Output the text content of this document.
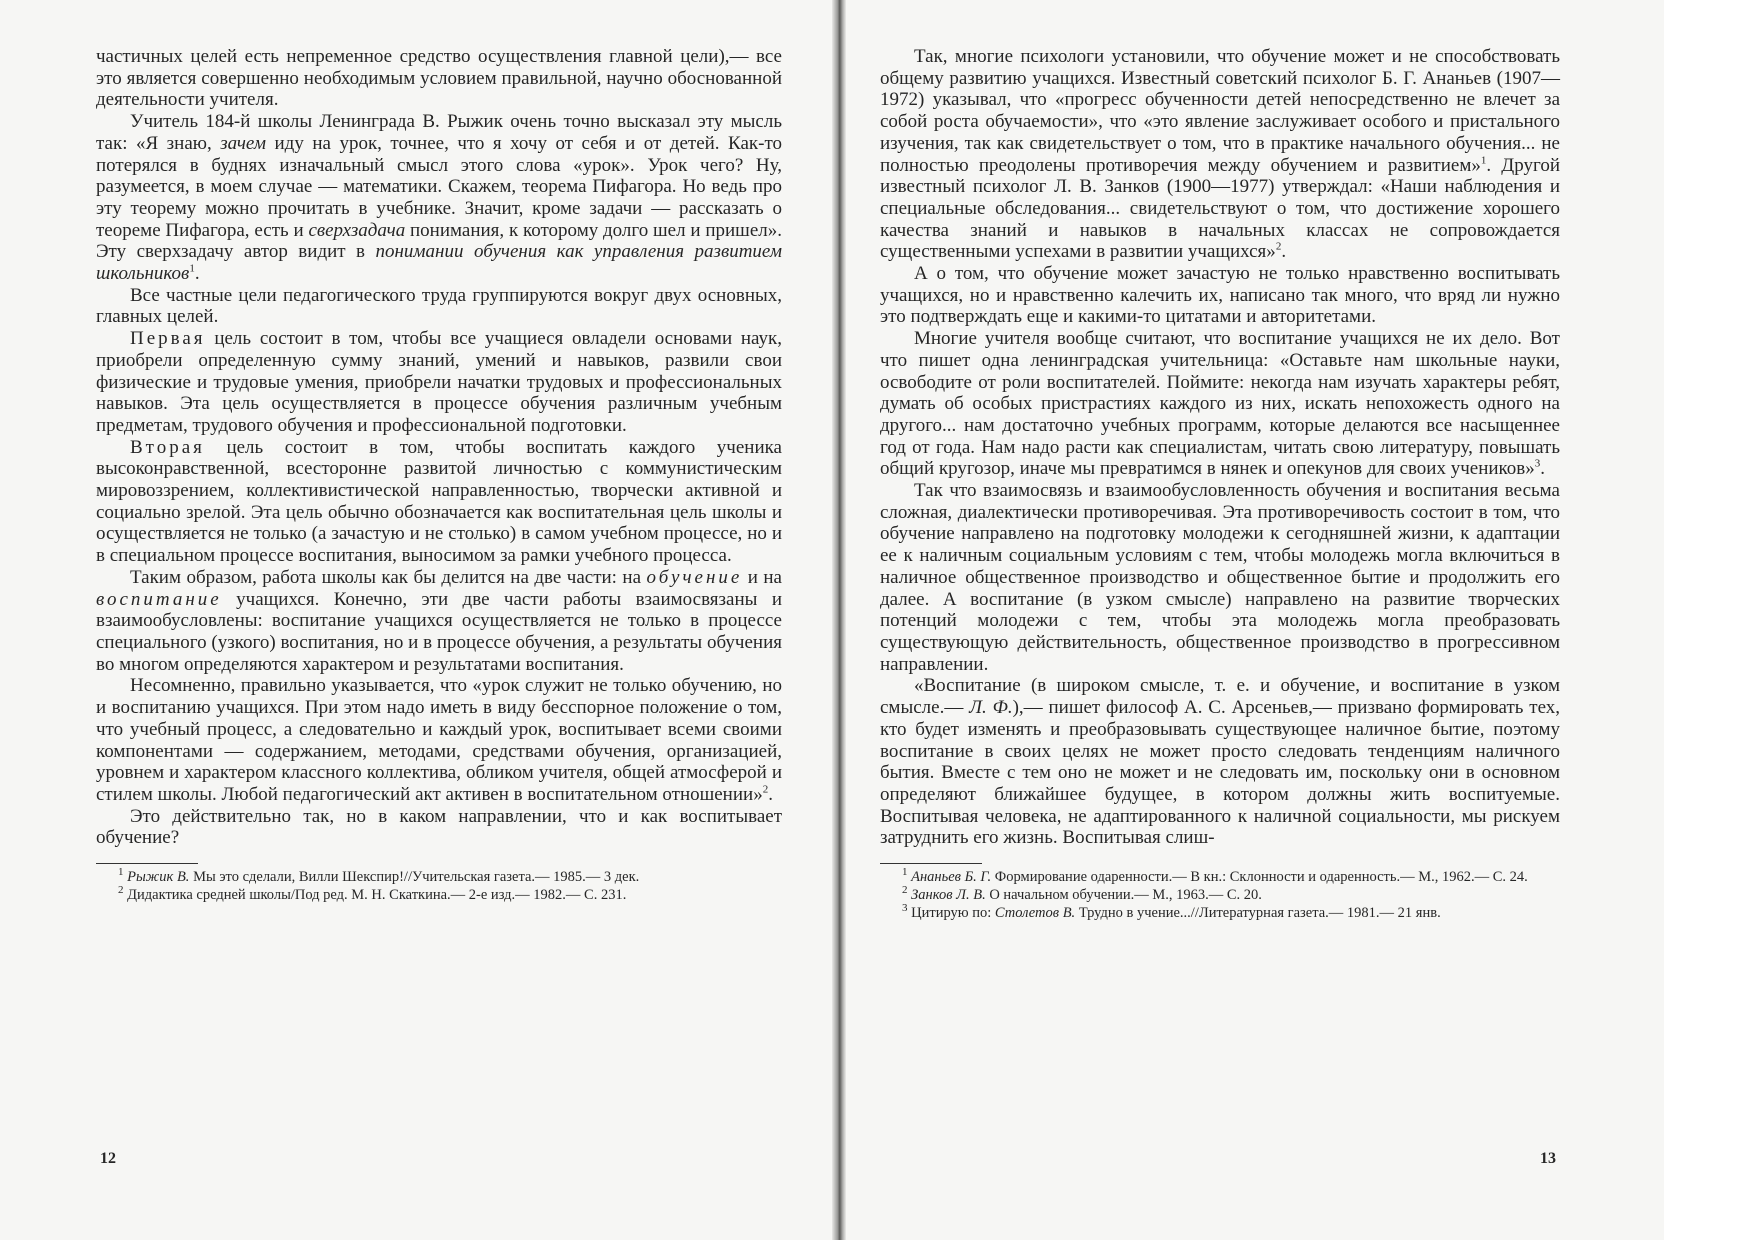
частичных целей есть непременное средство осуществления главной цели),— все это является совершенно необходимым условием правильной, научно обоснованной деятельности учителя.

Учитель 184-й школы Ленинграда В. Рыжик очень точно высказал эту мысль так: «Я знаю, зачем иду на урок, точнее, что я хочу от себя и от детей. Как-то потерялся в буднях изначальный смысл этого слова «урок». Урок чего? Ну, разумеется, в моем случае — математики. Скажем, теорема Пифагора. Но ведь про эту теорему можно прочитать в учебнике. Значит, кроме задачи — рассказать о теореме Пифагора, есть и сверхзадача понимания, к которому долго шел и пришел». Эту сверхзадачу автор видит в понимании обучения как управления развитием школьников$^1$.

Все частные цели педагогического труда группируются вокруг двух основных, главных целей.

Первая цель состоит в том, чтобы все учащиеся овладели основами наук, приобрели определенную сумму знаний, умений и навыков, развили свои физические и трудовые умения, приобрели начатки трудовых и профессиональных навыков. Эта цель осуществляется в процессе обучения различным учебным предметам, трудового обучения и профессиональной подготовки.

Вторая цель состоит в том, чтобы воспитать каждого ученика высоконравственной, всесторонне развитой личностью с коммунистическим мировоззрением, коллективистической направленностью, творчески активной и социально зрелой. Эта цель обычно обозначается как воспитательная цель школы и осуществляется не только (а зачастую и не столько) в самом учебном процессе, но и в специальном процессе воспитания, выносимом за рамки учебного процесса.

Таким образом, работа школы как бы делится на две части: на обучение и на воспитание учащихся. Конечно, эти две части работы взаимосвязаны и взаимообусловлены: воспитание учащихся осуществляется не только в процессе специального (узкого) воспитания, но и в процессе обучения, а результаты обучения во многом определяются характером и результатами воспитания.

Несомненно, правильно указывается, что «урок служит не только обучению, но и воспитанию учащихся. При этом надо иметь в виду бесспорное положение о том, что учебный процесс, а следовательно и каждый урок, воспитывает всеми своими компонентами — содержанием, методами, средствами обучения, организацией, уровнем и характером классного коллектива, обликом учителя, общей атмосферой и стилем школы. Любой педагогический акт активен в воспитательном отношении»$^2$.

Это действительно так, но в каком направлении, что и как воспитывает обучение?

$^1$ Рыжик В. Мы это сделали, Вилли Шекспир!//Учительская газета.— 1985.— 3 дек.

$^2$ Дидактика средней школы/Под ред. М. Н. Скаткина.— 2-е изд.— 1982.— С. 231.

12

Так, многие психологи установили, что обучение может и не способствовать общему развитию учащихся. Известный советский психолог Б. Г. Ананьев (1907—1972) указывал, что «прогресс обученности детей непосредственно не влечет за собой роста обучаемости», что «это явление заслуживает особого и пристального изучения, так как свидетельствует о том, что в практике начального обучения... не полностью преодолены противоречия между обучением и развитием»$^1$. Другой известный психолог Л. В. Занков (1900—1977) утверждал: «Наши наблюдения и специальные обследования... свидетельствуют о том, что достижение хорошего качества знаний и навыков в начальных классах не сопровождается существенными успехами в развитии учащихся»$^2$.

А о том, что обучение может зачастую не только нравственно воспитывать учащихся, но и нравственно калечить их, написано так много, что вряд ли нужно это подтверждать еще и какими-то цитатами и авторитетами.

Многие учителя вообще считают, что воспитание учащихся не их дело. Вот что пишет одна ленинградская учительница: «Оставьте нам школьные науки, освободите от роли воспитателей. Поймите: некогда нам изучать характеры ребят, думать об особых пристрастиях каждого из них, искать непохожесть одного на другого... нам достаточно учебных программ, которые делаются все насыщеннее год от года. Нам надо расти как специалистам, читать свою литературу, повышать общий кругозор, иначе мы превратимся в нянек и опекунов для своих учеников»$^3$.

Так что взаимосвязь и взаимообусловленность обучения и воспитания весьма сложная, диалектически противоречивая. Эта противоречивость состоит в том, что обучение направлено на подготовку молодежи к сегодняшней жизни, к адаптации ее к наличным социальным условиям с тем, чтобы молодежь могла включиться в наличное общественное производство и общественное бытие и продолжить его далее. А воспитание (в узком смысле) направлено на развитие творческих потенций молодежи с тем, чтобы эта молодежь могла преобразовать существующую действительность, общественное производство в прогрессивном направлении.

«Воспитание (в широком смысле, т. е. и обучение, и воспитание в узком смысле.— Л. Ф.),— пишет философ А. С. Арсеньев,— призвано формировать тех, кто будет изменять и преобразовывать существующее наличное бытие, поэтому воспитание в своих целях не может просто следовать тенденциям наличного бытия. Вместе с тем оно не может и не следовать им, поскольку они в основном определяют ближайшее будущее, в котором должны жить воспитуемые. Воспитывая человека, не адаптированного к наличной социальности, мы рискуем затруднить его жизнь. Воспитывая слиш-

$^1$ Ананьев Б. Г. Формирование одаренности.— В кн.: Склонности и одаренность.— М., 1962.— С. 24.

$^2$ Занков Л. В. О начальном обучении.— М., 1963.— С. 20.

$^3$ Цитирую по: Столетов В. Трудно в учение...//Литературная газета.— 1981.— 21 янв.

13
